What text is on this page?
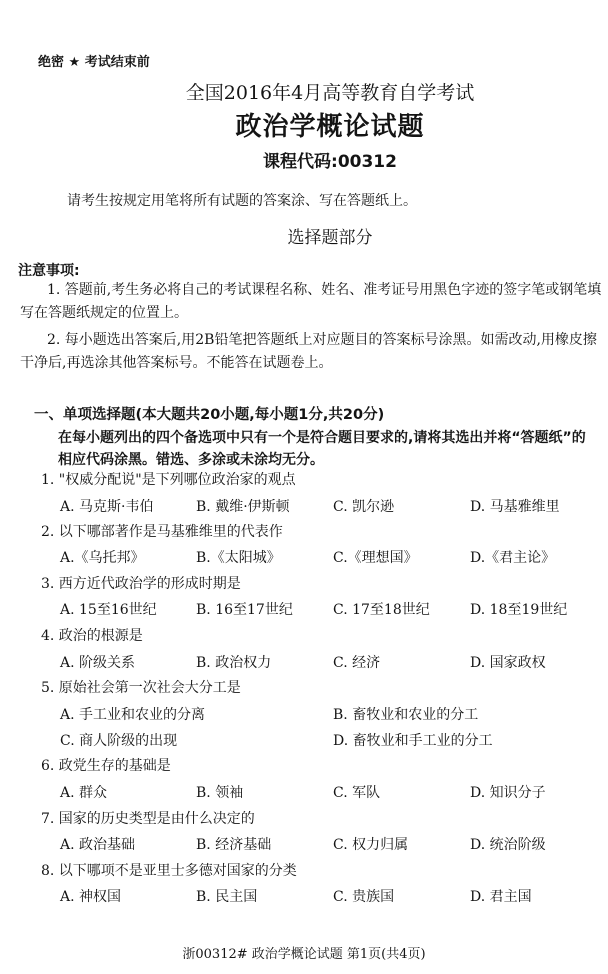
绝密 ★ 考试结束前
全国2016年4月高等教育自学考试
政治学概论试题
课程代码:00312
请考生按规定用笔将所有试题的答案涂、写在答题纸上。
选择题部分
注意事项:
1. 答题前,考生务必将自己的考试课程名称、姓名、准考证号用黑色字迹的签字笔或钢笔填写在答题纸规定的位置上。
2. 每小题选出答案后,用2B铅笔把答题纸上对应题目的答案标号涂黑。如需改动,用橡皮擦干净后,再选涂其他答案标号。不能答在试题卷上。
一、单项选择题(本大题共20小题,每小题1分,共20分)
在每小题列出的四个备选项中只有一个是符合题目要求的,请将其选出并将“答题纸”的相应代码涂黑。错选、多涂或未涂均无分。
1. "权威分配说"是下列哪位政治家的观点
A. 马克斯·韦伯	B. 戴维·伊斯顿	C. 凯尔逊	D. 马基雅维里
2. 以下哪部著作是马基雅维里的代表作
A.《乌托邦》	B.《太阳城》	C.《理想国》	D.《君主论》
3. 西方近代政治学的形成时期是
A. 15至16世纪	B. 16至17世纪	C. 17至18世纪	D. 18至19世纪
4. 政治的根源是
A. 阶级关系	B. 政治权力	C. 经济	D. 国家政权
5. 原始社会第一次社会大分工是
A. 手工业和农业的分离	B. 畜牧业和农业的分工
C. 商人阶级的出现	D. 畜牧业和手工业的分工
6. 政党生存的基础是
A. 群众	B. 领袖	C. 军队	D. 知识分子
7. 国家的历史类型是由什么决定的
A. 政治基础	B. 经济基础	C. 权力归属	D. 统治阶级
8. 以下哪项不是亚里士多德对国家的分类
A. 神权国	B. 民主国	C. 贵族国	D. 君主国
浙00312# 政治学概论试题 第1页(共4页)
